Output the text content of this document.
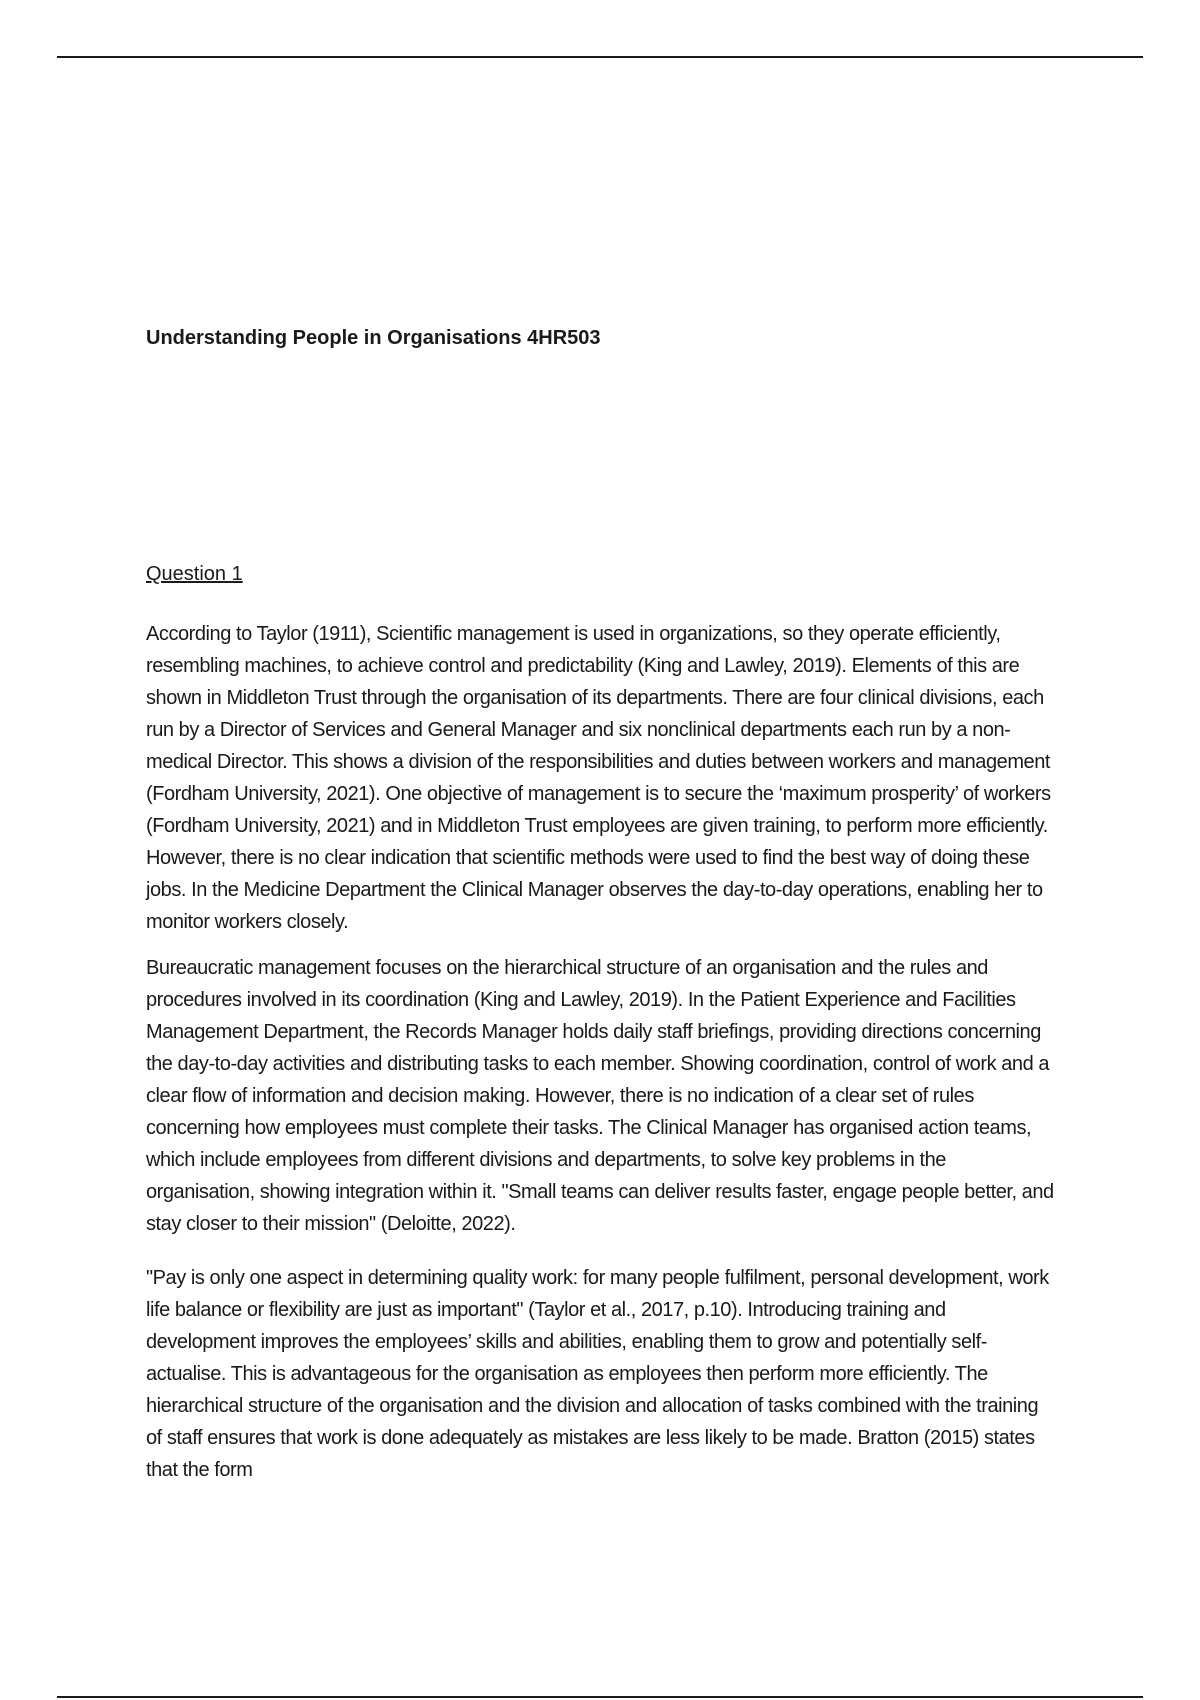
Understanding People in Organisations 4HR503
Question 1

According to Taylor (1911), Scientific management is used in organizations, so they operate efficiently, resembling machines, to achieve control and predictability (King and Lawley, 2019). Elements of this are shown in Middleton Trust through the organisation of its departments. There are four clinical divisions, each run by a Director of Services and General Manager and six nonclinical departments each run by a non-medical Director. This shows a division of the responsibilities and duties between workers and management (Fordham University, 2021). One objective of management is to secure the ‘maximum prosperity’ of workers (Fordham University, 2021) and in Middleton Trust employees are given training, to perform more efficiently. However, there is no clear indication that scientific methods were used to find the best way of doing these jobs. In the Medicine Department the Clinical Manager observes the day-to-day operations, enabling her to monitor workers closely.

Bureaucratic management focuses on the hierarchical structure of an organisation and the rules and procedures involved in its coordination (King and Lawley, 2019). In the Patient Experience and Facilities Management Department, the Records Manager holds daily staff briefings, providing directions concerning the day-to-day activities and distributing tasks to each member. Showing coordination, control of work and a clear flow of information and decision making. However, there is no indication of a clear set of rules concerning how employees must complete their tasks. The Clinical Manager has organised action teams, which include employees from different divisions and departments, to solve key problems in the organisation, showing integration within it. "Small teams can deliver results faster, engage people better, and stay closer to their mission" (Deloitte, 2022).

"Pay is only one aspect in determining quality work: for many people fulfilment, personal development, work life balance or flexibility are just as important" (Taylor et al., 2017, p.10). Introducing training and development improves the employees’ skills and abilities, enabling them to grow and potentially self-actualise. This is advantageous for the organisation as employees then perform more efficiently. The hierarchical structure of the organisation and the division and allocation of tasks combined with the training of staff ensures that work is done adequately as mistakes are less likely to be made. Bratton (2015) states that the form
